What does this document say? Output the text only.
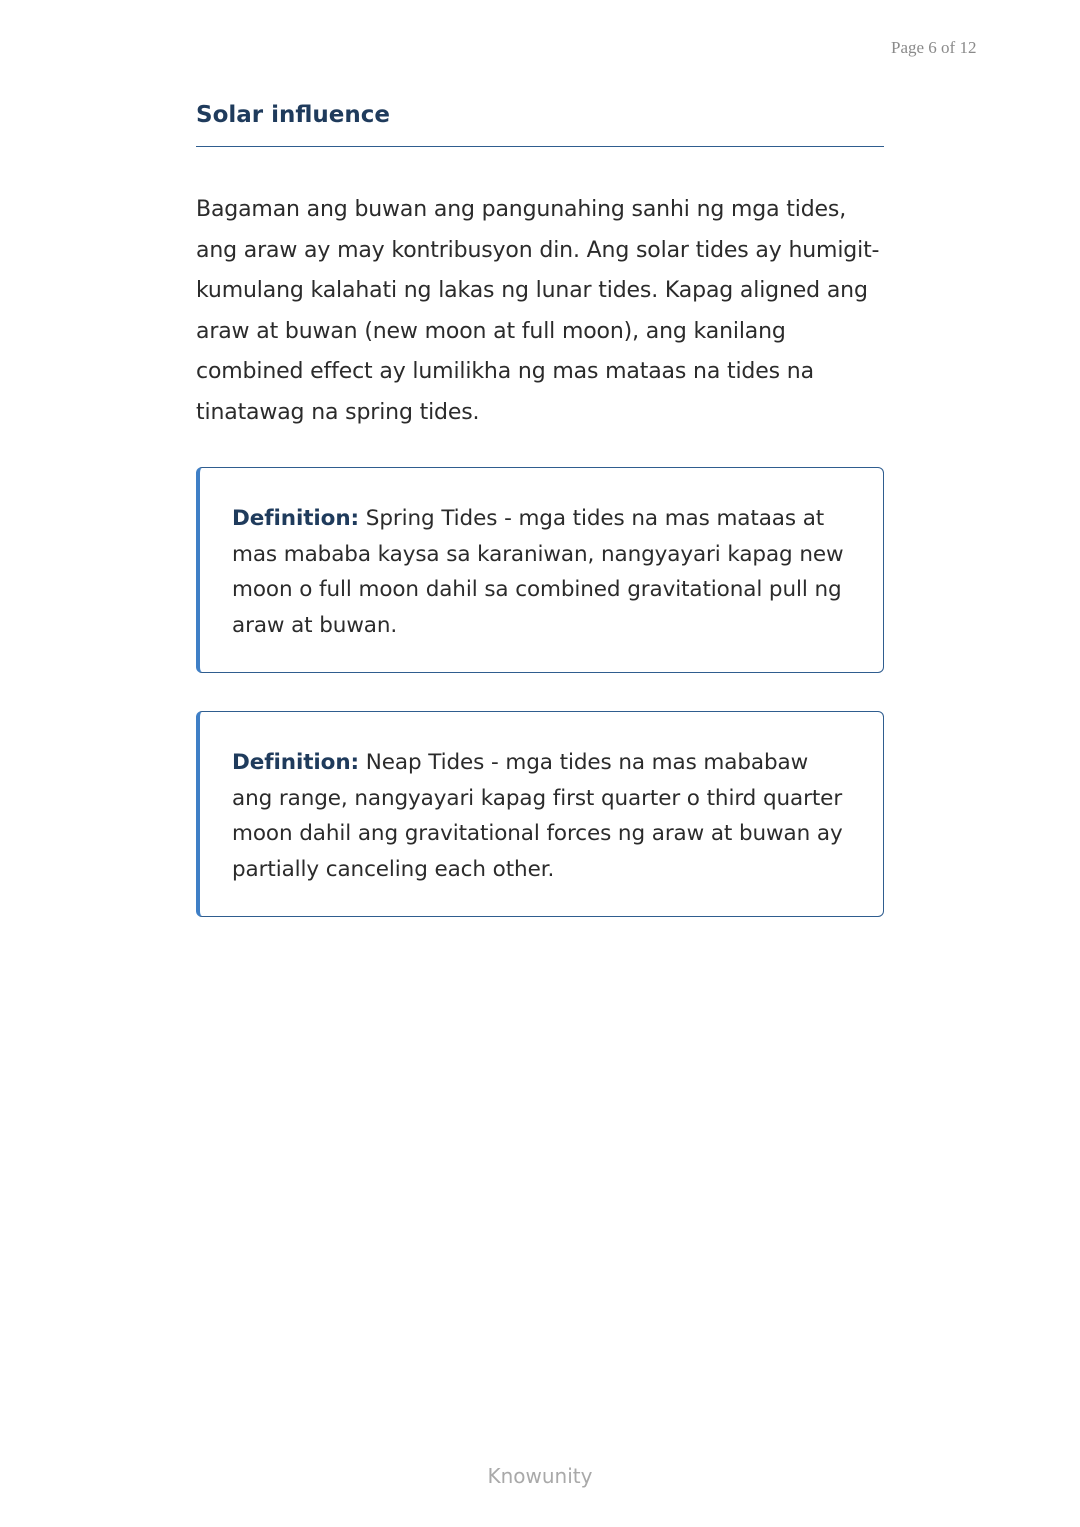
Page 6 of 12
Solar influence

Bagaman ang buwan ang pangunahing sanhi ng mga tides, ang araw ay may kontribusyon din. Ang solar tides ay humigit-kumulang kalahati ng lakas ng lunar tides. Kapag aligned ang araw at buwan (new moon at full moon), ang kanilang combined effect ay lumilikha ng mas mataas na tides na tinatawag na spring tides.

Definition: Spring Tides - mga tides na mas mataas at mas mababa kaysa sa karaniwan, nangyayari kapag new moon o full moon dahil sa combined gravitational pull ng araw at buwan.
Definition: Neap Tides - mga tides na mas mababaw ang range, nangyayari kapag first quarter o third quarter moon dahil ang gravitational forces ng araw at buwan ay partially canceling each other.
Knowunity
